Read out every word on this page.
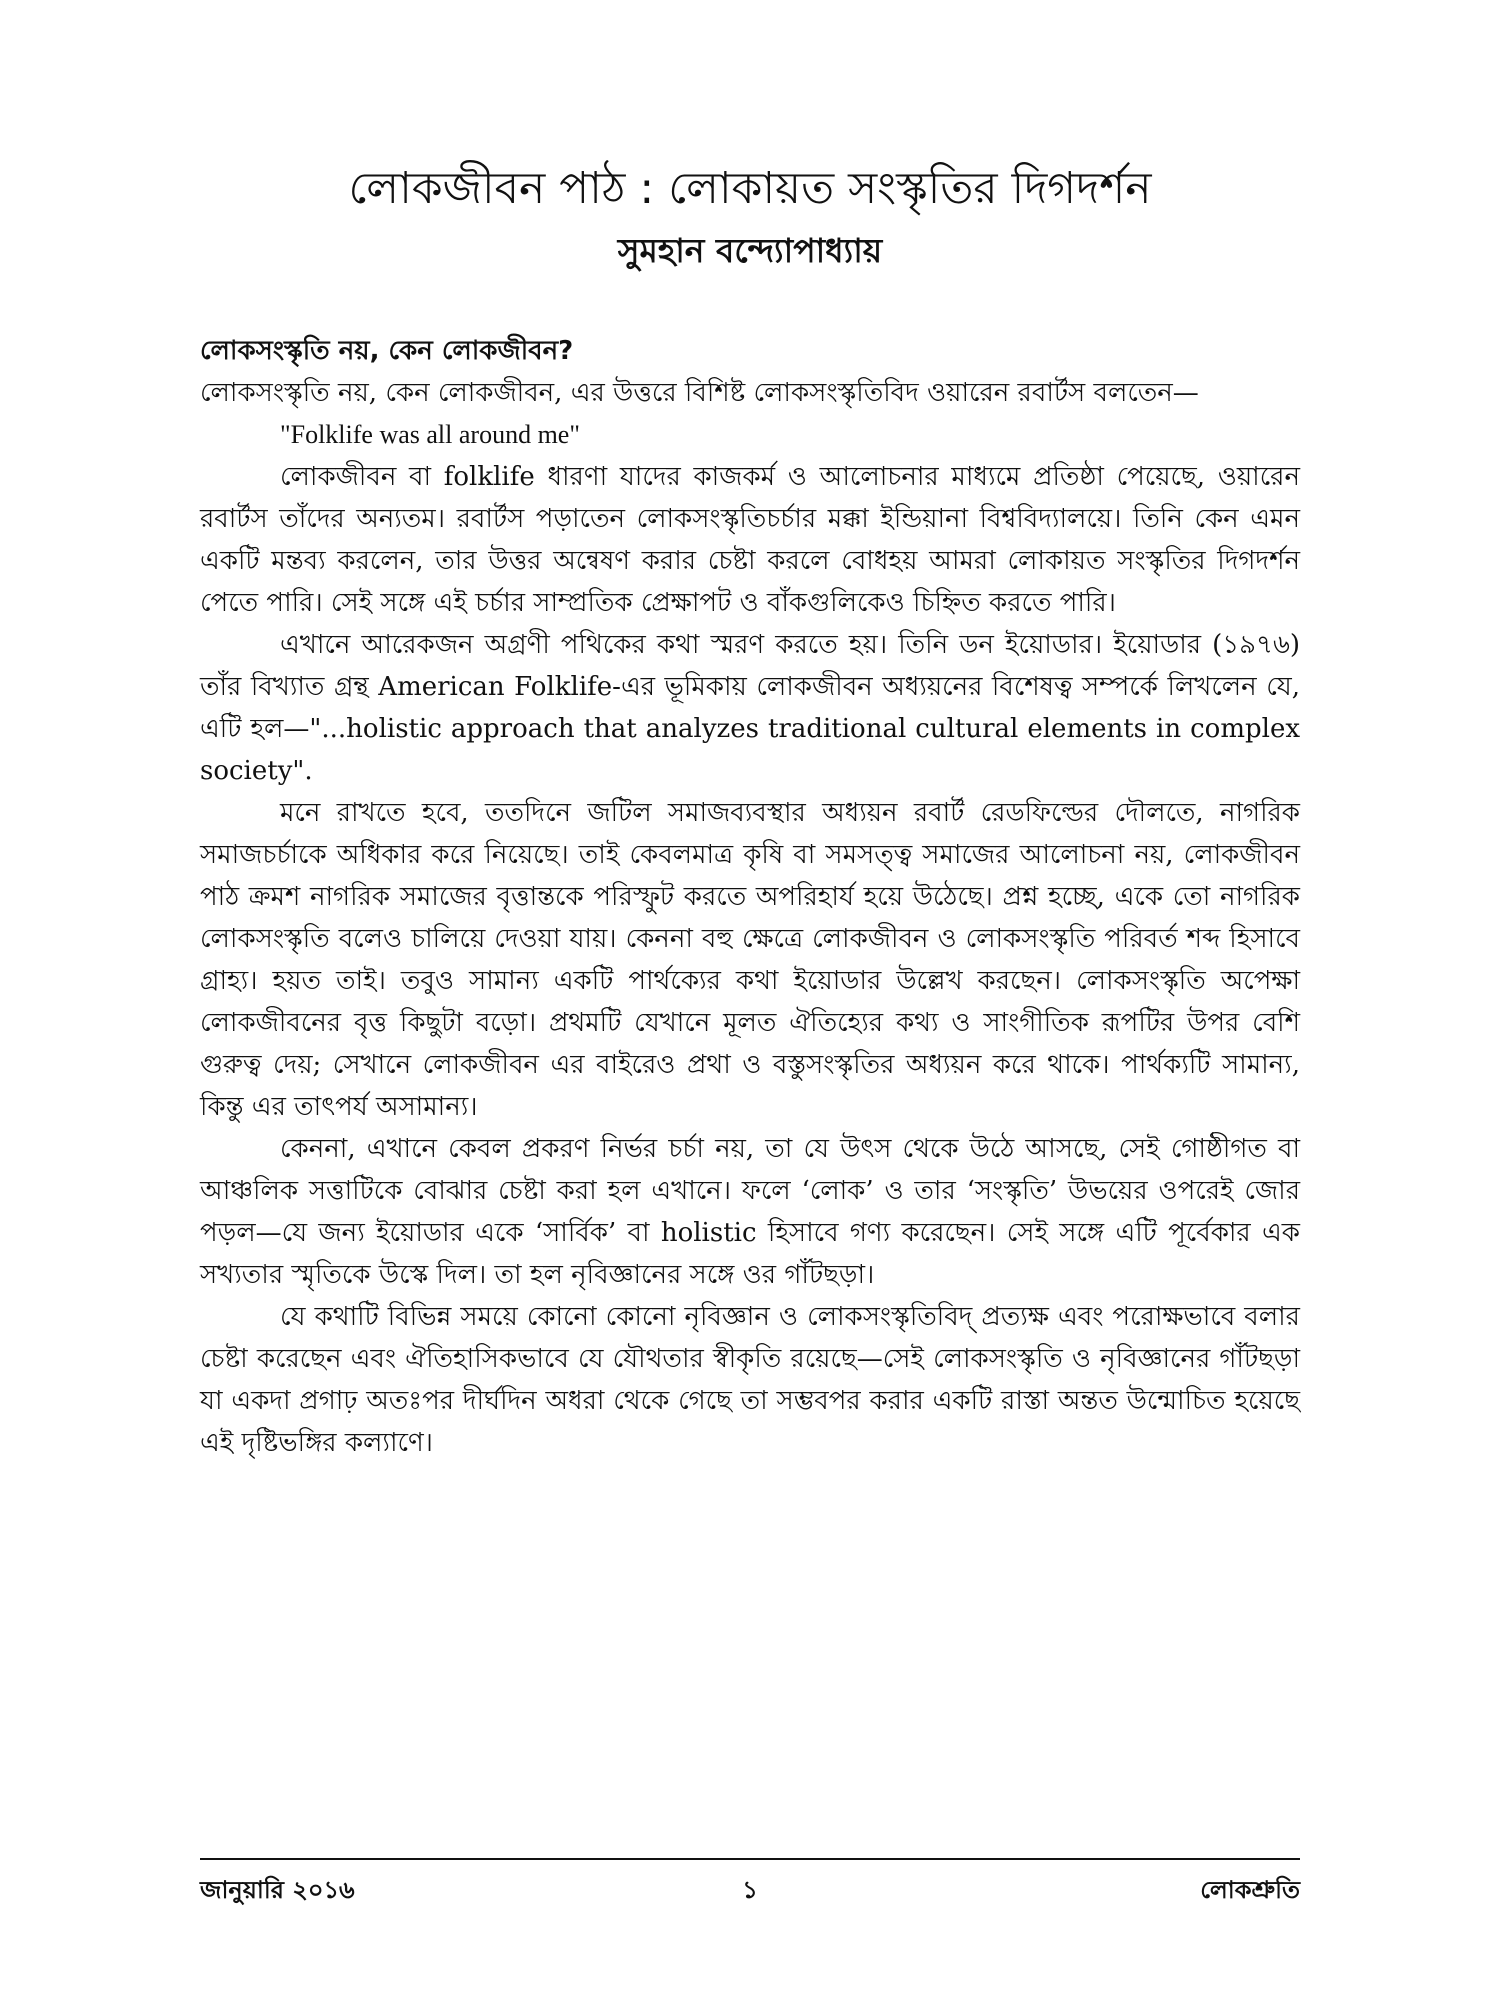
লোকজীবন পাঠ : লোকায়ত সংস্কৃতির দিগদর্শন
সুমহান বন্দ্যোপাধ্যায়

লোকসংস্কৃতি নয়, কেন লোকজীবন?

লোকসংস্কৃতি নয়, কেন লোকজীবন, এর উত্তরে বিশিষ্ট লোকসংস্কৃতিবিদ ওয়ারেন রবার্টস বলতেন—

"Folklife was all around me"

লোকজীবন বা folklife ধারণা যাদের কাজকর্ম ও আলোচনার মাধ্যমে প্রতিষ্ঠা পেয়েছে, ওয়ারেন রবার্টস তাঁদের অন্যতম। রবার্টস পড়াতেন লোকসংস্কৃতিচর্চার মক্কা ইন্ডিয়ানা বিশ্ববিদ্যালয়ে। তিনি কেন এমন একটি মন্তব্য করলেন, তার উত্তর অন্বেষণ করার চেষ্টা করলে বোধহয় আমরা লোকায়ত সংস্কৃতির দিগদর্শন পেতে পারি। সেই সঙ্গে এই চর্চার সাম্প্রতিক প্রেক্ষাপট ও বাঁকগুলিকেও চিহ্নিত করতে পারি।

এখানে আরেকজন অগ্রণী পথিকের কথা স্মরণ করতে হয়। তিনি ডন ইয়োডার। ইয়োডার (১৯৭৬) তাঁর বিখ্যাত গ্রন্থ American Folklife-এর ভূমিকায় লোকজীবন অধ্যয়নের বিশেষত্ব সম্পর্কে লিখলেন যে, এটি হল—"...holistic approach that analyzes traditional cultural elements in complex society".

মনে রাখতে হবে, ততদিনে জটিল সমাজব্যবস্থার অধ্যয়ন রবার্ট রেডফিল্ডের দৌলতে, নাগরিক সমাজচর্চাকে অধিকার করে নিয়েছে। তাই কেবলমাত্র কৃষি বা সমসত্ত্ব সমাজের আলোচনা নয়, লোকজীবন পাঠ ক্রমশ নাগরিক সমাজের বৃত্তান্তকে পরিস্ফুট করতে অপরিহার্য হয়ে উঠেছে। প্রশ্ন হচ্ছে, একে তো নাগরিক লোকসংস্কৃতি বলেও চালিয়ে দেওয়া যায়। কেননা বহু ক্ষেত্রে লোকজীবন ও লোকসংস্কৃতি পরিবর্ত শব্দ হিসাবে গ্রাহ্য। হয়ত তাই। তবুও সামান্য একটি পার্থক্যের কথা ইয়োডার উল্লেখ করছেন। লোকসংস্কৃতি অপেক্ষা লোকজীবনের বৃত্ত কিছুটা বড়ো। প্রথমটি যেখানে মূলত ঐতিহ্যের কথ্য ও সাংগীতিক রূপটির উপর বেশি গুরুত্ব দেয়; সেখানে লোকজীবন এর বাইরেও প্রথা ও বস্তুসংস্কৃতির অধ্যয়ন করে থাকে। পার্থক্যটি সামান্য, কিন্তু এর তাৎপর্য অসামান্য।

কেননা, এখানে কেবল প্রকরণ নির্ভর চর্চা নয়, তা যে উৎস থেকে উঠে আসছে, সেই গোষ্ঠীগত বা আঞ্চলিক সত্তাটিকে বোঝার চেষ্টা করা হল এখানে। ফলে ‘লোক’ ও তার ‘সংস্কৃতি’ উভয়ের ওপরেই জোর পড়ল—যে জন্য ইয়োডার একে ‘সার্বিক’ বা holistic হিসাবে গণ্য করেছেন। সেই সঙ্গে এটি পূর্বেকার এক সখ্যতার স্মৃতিকে উস্কে দিল। তা হল নৃবিজ্ঞানের সঙ্গে ওর গাঁটছড়া।

যে কথাটি বিভিন্ন সময়ে কোনো কোনো নৃবিজ্ঞান ও লোকসংস্কৃতিবিদ্ প্রত্যক্ষ এবং পরোক্ষভাবে বলার চেষ্টা করেছেন এবং ঐতিহাসিকভাবে যে যৌথতার স্বীকৃতি রয়েছে—সেই লোকসংস্কৃতি ও নৃবিজ্ঞানের গাঁটছড়া যা একদা প্রগাঢ় অতঃপর দীর্ঘদিন অধরা থেকে গেছে তা সম্ভবপর করার একটি রাস্তা অন্তত উন্মোচিত হয়েছে এই দৃষ্টিভঙ্গির কল্যাণে।

জানুয়ারি ২০১৬	১	লোকশ্রুতি
